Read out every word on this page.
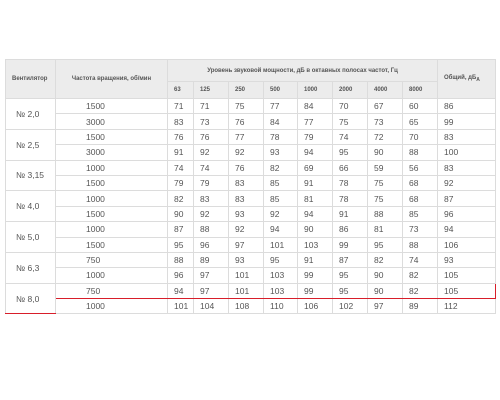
Вентилятор	Частота вращения, об/мин	Уровень звуковой мощности, дБ в октавных полосах частот, Гц								Общий, $дБ_A$
		63	125	250	500	1000	2000	4000	8000	
№ 2,0	1500	71	71	75	77	84	70	67	60	86
	3000	83	73	76	84	77	75	73	65	99
№ 2,5	1500	76	76	77	78	79	74	72	70	83
	3000	91	92	92	93	94	95	90	88	100
№ 3,15	1000	74	74	76	82	69	66	59	56	83
	1500	79	79	83	85	91	78	75	68	92
№ 4,0	1000	82	83	83	85	81	78	75	68	87
	1500	90	92	93	92	94	91	88	85	96
№ 5,0	1000	87	88	92	94	90	86	81	73	94
	1500	95	96	97	101	103	99	95	88	106
№ 6,3	750	88	89	93	95	91	87	82	74	93
	1000	96	97	101	103	99	95	90	82	105
№ 8,0	750	94	97	101	103	99	95	90	82	105
	1000	101	104	108	110	106	102	97	89	112
